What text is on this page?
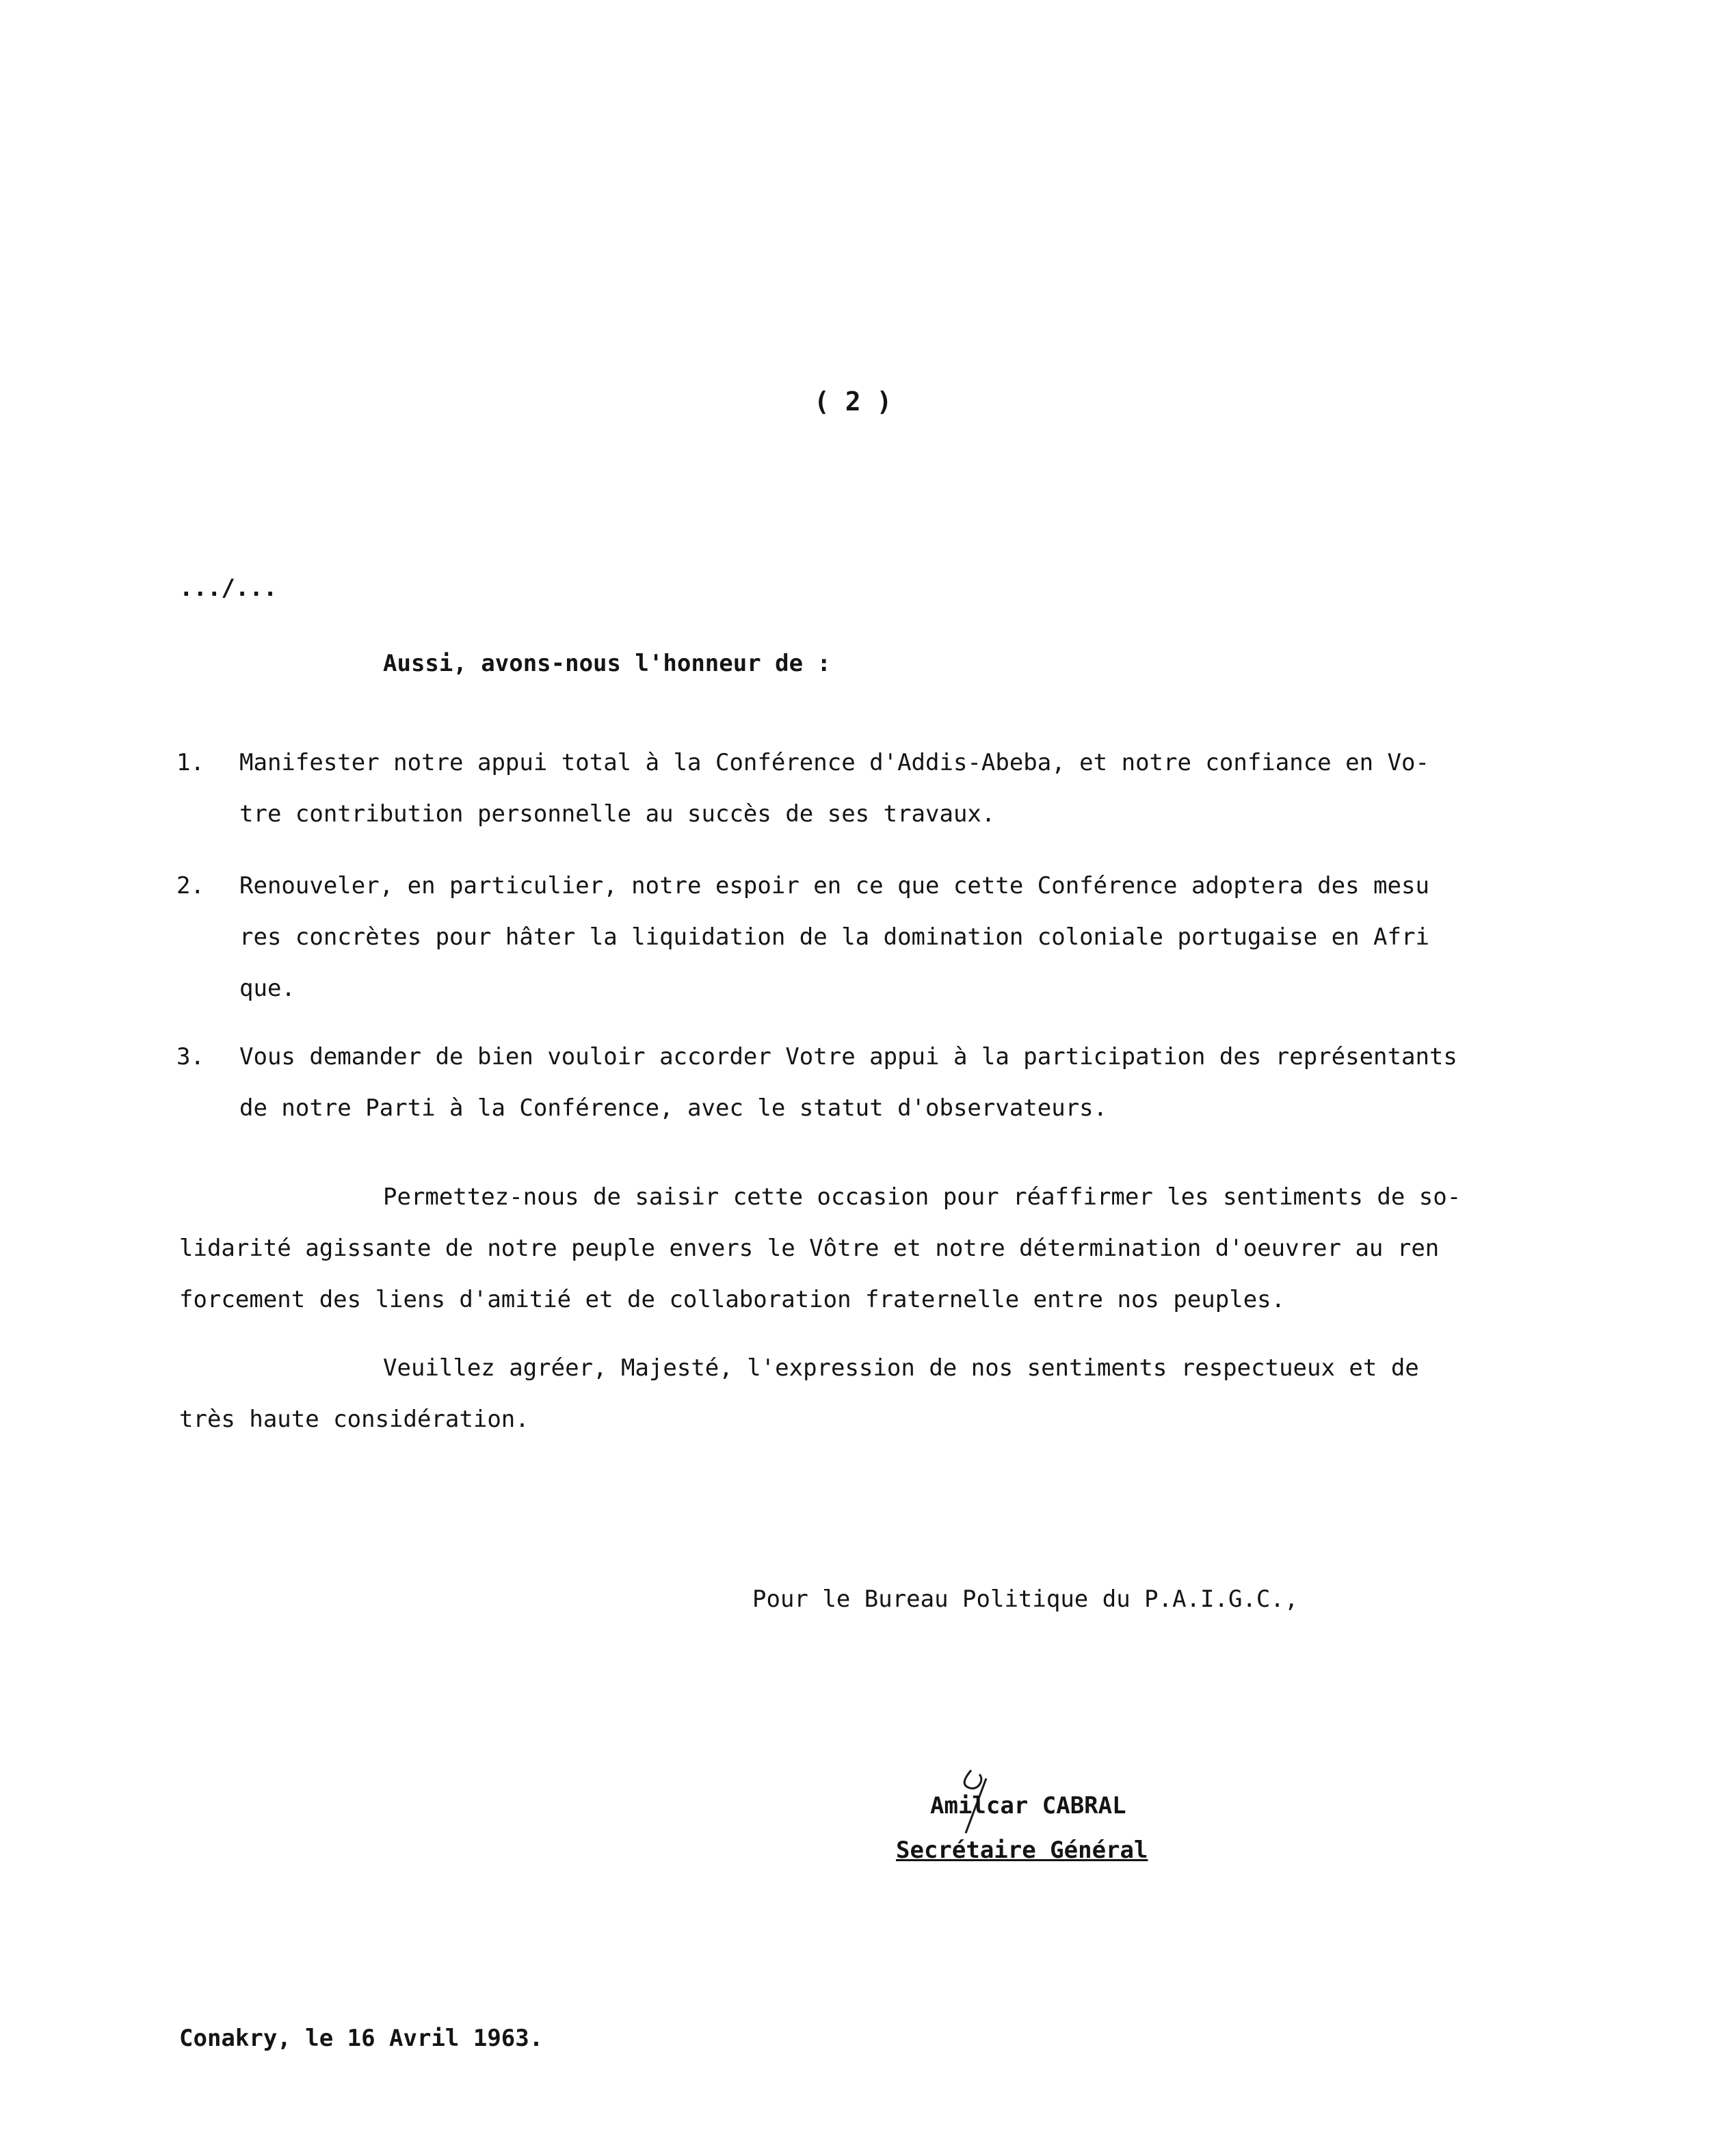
( 2 )
.../...
Aussi, avons-nous l'honneur de :
1. Manifester notre appui total à la Conférence d'Addis-Abeba, et notre confiance en Vo-
tre contribution personnelle au succès de ses travaux.
2. Renouveler, en particulier, notre espoir en ce que cette Conférence adoptera des mesu
res concrètes pour hâter la liquidation de la domination coloniale portugaise en Afri
que.
3. Vous demander de bien vouloir accorder Votre appui à la participation des représentants
de notre Parti à la Conférence, avec le statut d'observateurs.
Permettez-nous de saisir cette occasion pour réaffirmer les sentiments de so-
lidarité agissante de notre peuple envers le Vôtre et notre détermination d'oeuvrer au ren
forcement des liens d'amitié et de collaboration fraternelle entre nos peuples.
Veuillez agréer, Majesté, l'expression de nos sentiments respectueux et de
très haute considération.
Pour le Bureau Politique du P.A.I.G.C.,
Amilcar CABRAL
Secrétaire Général
Conakry, le 16 Avril 1963.
